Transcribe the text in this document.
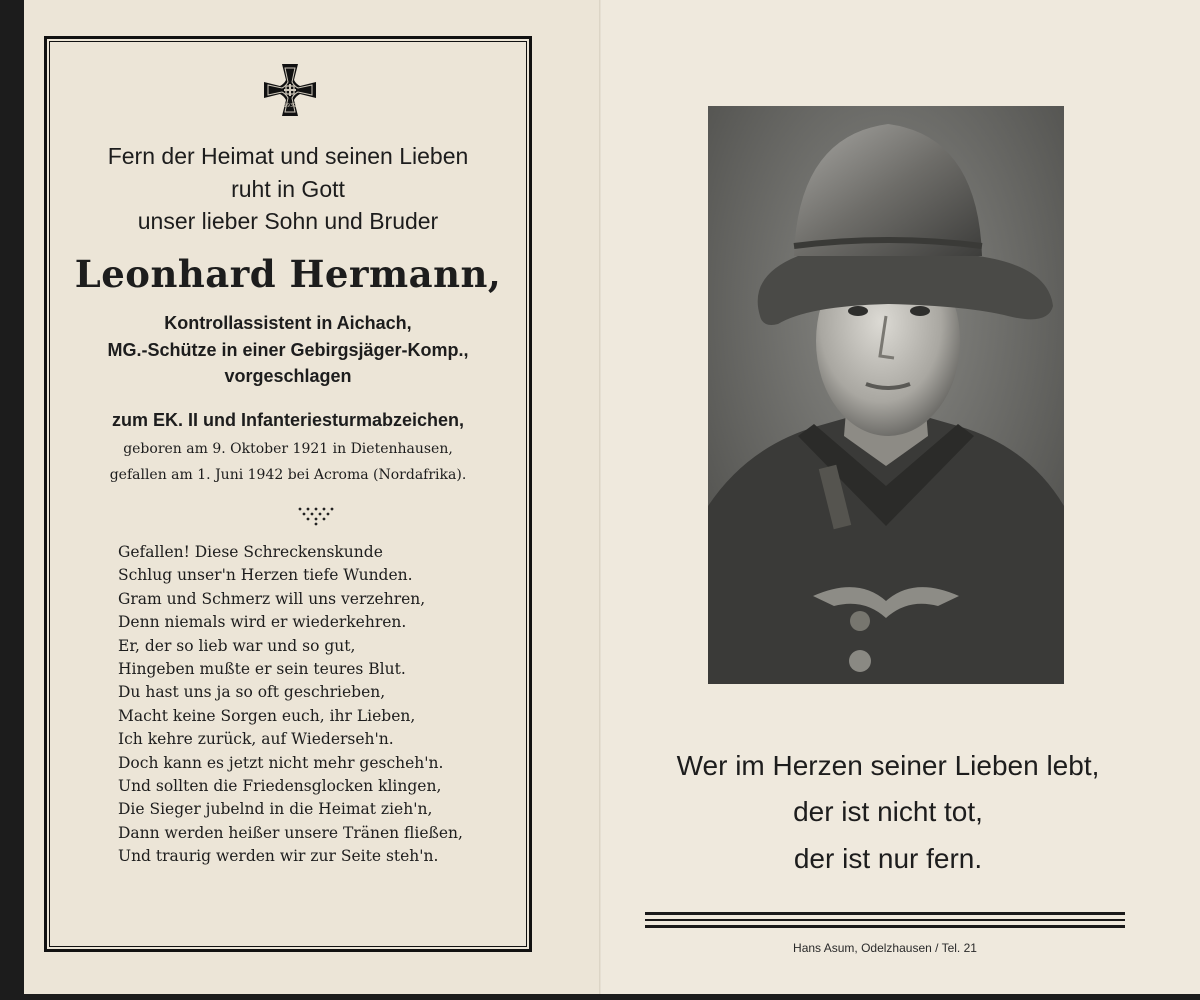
1939
Fern der Heimat und seinen Lieben
ruht in Gott
unser lieber Sohn und Bruder
Leonhard Hermann,
Kontrollassistent in Aichach,
MG.-Schütze in einer Gebirgsjäger-Komp.,
vorgeschlagen
zum EK. II und Infanteriesturmabzeichen,
geboren am 9. Oktober 1921 in Dietenhausen,
gefallen am 1. Juni 1942 bei Acroma (Nordafrika).
Gefallen! Diese Schreckenskunde
Schlug unser'n Herzen tiefe Wunden.
Gram und Schmerz will uns verzehren,
Denn niemals wird er wiederkehren.
Er, der so lieb war und so gut,
Hingeben mußte er sein teures Blut.
Du hast uns ja so oft geschrieben,
Macht keine Sorgen euch, ihr Lieben,
Ich kehre zurück, auf Wiederseh'n.
Doch kann es jetzt nicht mehr gescheh'n.
Und sollten die Friedensglocken klingen,
Die Sieger jubelnd in die Heimat zieh'n,
Dann werden heißer unsere Tränen fließen,
Und traurig werden wir zur Seite steh'n.
Wer im Herzen seiner Lieben lebt,
der ist nicht tot,
der ist nur fern.
Hans Asum, Odelzhausen / Tel. 21
